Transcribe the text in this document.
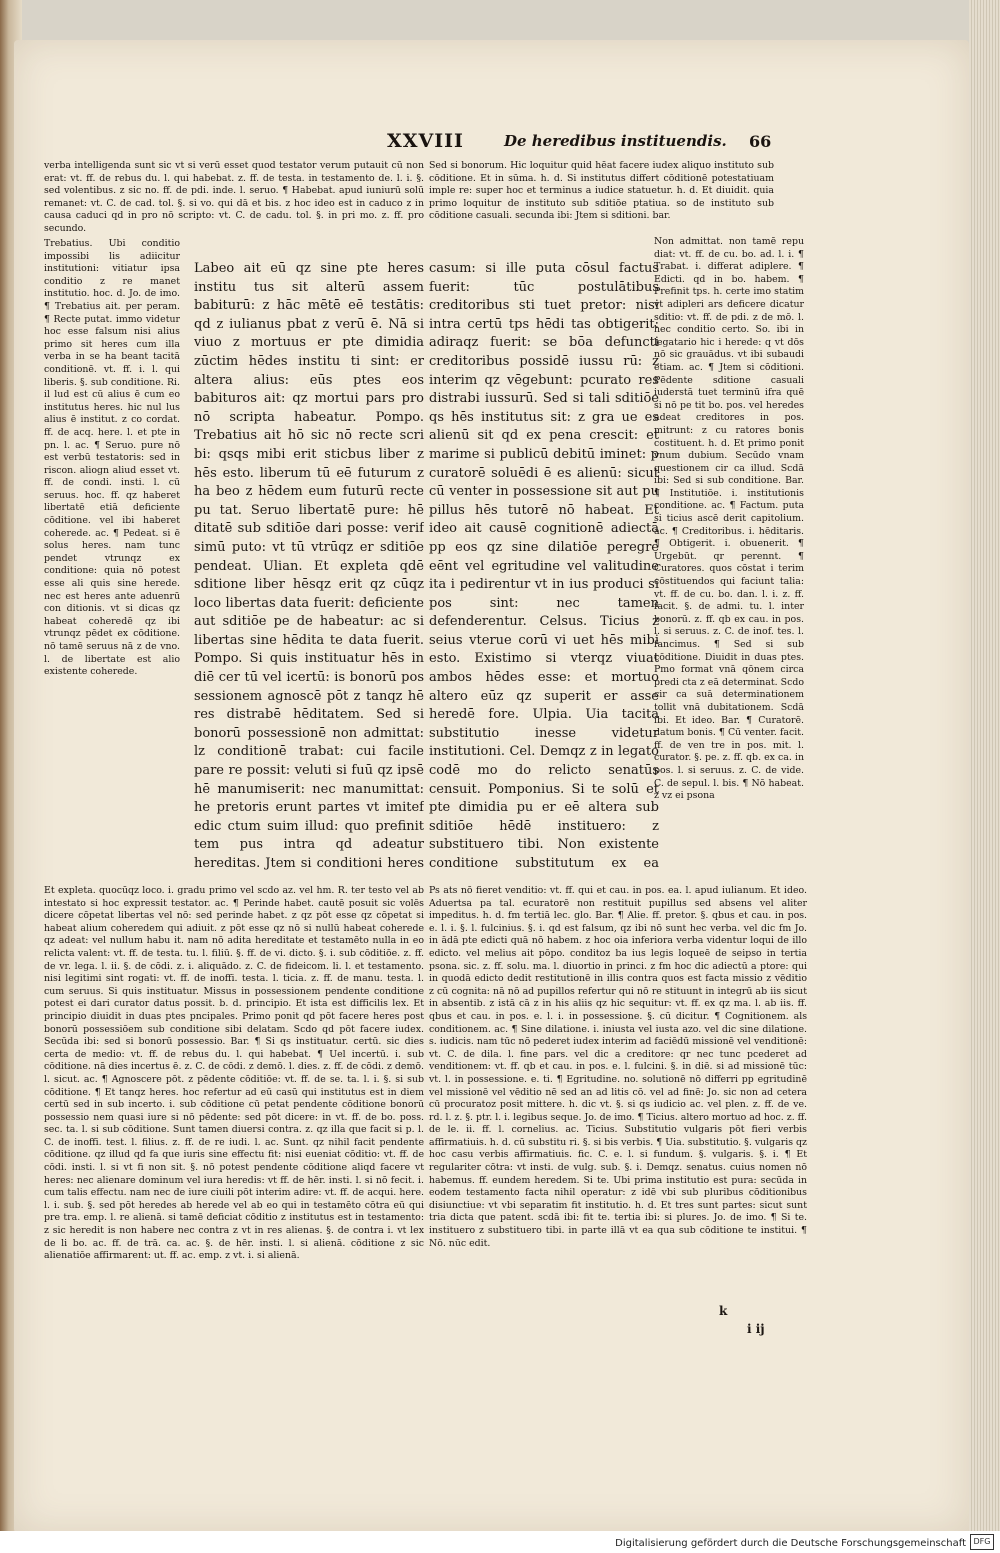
XXVIII	De heredibus instituendis. 66

verba intelligenda sunt sic vt si verū esset quod testator verum putauit cū non erat: vt. ff. de rebus du. l. qui habebat. z. ff. de testa. in testamento de. l. i. §. sed volentibus. z sic no. ff. de pdi. inde. l. seruo. ¶ Habebat. apud iuniurū solū remanet: vt. C. de cad. tol. §. si vo. qui dā et bis. z hoc ideo est in caduco z in causa caduci qd in pro nō scripto: vt. C. de cadu. tol. §. in pri mo. z. ff. pro secundo.

Trebatius. Ubi conditio impossibi lis adiicitur institutioni: vitiatur ipsa conditio z re manet institutio. hoc. d. Jo. de imo. ¶ Trebatius ait. per peram. ¶ Recte putat. immo videtur hoc esse falsum nisi alius primo sit heres cum illa verba in se ha beant tacitā conditionē. vt. ff. i. l. qui liberis. §. sub conditione. Ri. il lud est cū alius ē cum eo institutus heres. hic nul lus alius ē institut. z co cordat. ff. de acq. here. l. et pte in pn. l. ac. ¶ Seruo. pure nō est verbū testatoris: sed in riscon. aliogn aliud esset vt. ff. de condi. insti. l. cū seruus. hoc. ff. qz haberet libertatē etiā deficiente cōditione. vel ibi haberet coherede. ac. ¶ Pedeat. si ē solus heres. nam tunc pendet vtrunqz ex conditione: quia nō potest esse ali quis sine herede. nec est heres ante aduenrū con ditionis. vt si dicas qz habeat coheredē qz ibi vtrunqz pēdet ex cōditione. nō tamē seruus nā z de vno. l. de libertate est alio existente coherede.

Labeo ait eū qz sine pte heres institu tus sit alterū assem babiturū: z hāc mētē eē testātis: qd z iulianus pbat z verū ē. Nā si viuo z mortuus er pte dimidia zūctim hēdes institu ti sint: er altera alius: eūs ptes eos babituros ait: qz mortui pars pro nō scripta habeatur. Pompo. Trebatius ait hō sic nō recte scri bi: qsqs mibi erit sticbus liber z hēs esto. liberum tū eē futurum z ha beo z hēdem eum futurū recte pu tat. Seruo libertatē pure: hē ditatē sub sditiōe dari posse: verif simū puto: vt tū vtrūqz er sditiōe pendeat. Ulian. Et expleta qdē sditione liber hēsqz erit qz cūqz loco libertas data fuerit: deficiente aut sditiōe pe de habeatur: ac si libertas sine hēdita te data fuerit. Pompo. Si quis instituatur hēs in diē cer tū vel icertū: is bonorū pos sessionem agnoscē pōt z tanqz hē res distrabē hēditatem. Sed si bonorū possessionē non admittat: lz conditionē trabat: cui facile pare re possit: veluti si fuū qz ipsē hē manumiserit: nec manumittat: he pretoris erunt partes vt imitef edic ctum suim illud: quo prefinit tem pus intra qd adeatur hereditas. Jtem si conditioni heres

Sed si bonorum. Hic loquitur quid hēat facere iudex aliquo instituto sub cōditione. Et in sūma. h. d. Si institutus differt cōditionē potestatiuam imple re: super hoc et terminus a iudice statuetur. h. d. Et diuidit. quia primo loquitur de instituto sub sditiōe ptatiua. so de instituto sub cōditione casuali. secunda ibi: Jtem si sditioni. bar.

casum: si ille puta cōsul factus fuerit: tūc postulātibus creditoribus sti tuet pretor: nisi intra certū tps hēdi tas obtigerit: adiraqz fuerit: se bōa defuncti creditoribus possidē iussu rū: z interim qz vēgebunt: pcurato res distrabi iussurū. Sed si tali sditiōe qs hēs institutus sit: z gra ue es alienū sit qd ex pena crescit: et marime si publicū debitū iminet: p curatorē soluēdi ē es alienū: sicut cū venter in possessione sit aut pu pillus hēs tutorē nō habeat. Et ideo ait causē cognitionē adiectā pp eos qz sine dilatiōe peregre eēnt vel egritudine vel valitudine ita i pedirentur vt in ius produci si pos sint: nec tamen defenderentur. Celsus. Ticius z seius vterue corū vi uet hēs mibi esto. Existimo si vterqz viuat ambos hēdes esse: et mortuo altero eūz qz superit er asse heredē fore. Ulpia. Uia tacita substitutio inesse videtur institutioni. Cel. Demqz z in legato codē mo do relicto senatūs censuit. Pomponius. Si te solū et pte dimidia pu er eē altera sub sditiōe hēdē instituero: z substituero tibi. Non existente conditione substitutum ex ea

Non admittat. non tamē repu diat: vt. ff. de cu. bo. ad. l. i. ¶ Trabat. i. differat adiplere. ¶ Edicti. qd in bo. habem. ¶ Prefinit tps. h. certe imo statim vt adipleri ars deficere dicatur sditio: vt. ff. de pdi. z de mō. l. hec conditio certo. So. ibi in legatario hic i herede: q vt dōs nō sic grauādus. vt ibi subaudi etiam. ac. ¶ Jtem si cōditioni. Pēdente sditione casuali iuderstā tuet terminū ifra quē si nō pe tit bo. pos. vel heredes adeat creditores in pos. mitrunt: z cu ratores bonis costituent. h. d. Et primo ponit vnum dubium. Secūdo vnam questionem cir ca illud. Scdā ibi: Sed si sub conditione. Bar. ¶ Institutiōe. i. institutionis conditione. ac. ¶ Factum. puta si ticius ascē derit capitolium. ac. ¶ Creditoribus. i. hēditaris. ¶ Obtigerit. i. obuenerit. ¶ Urgebūt. qr perennt. ¶ Curatores. quos cōstat i terim cōstituendos qui faciunt talia: vt. ff. de cu. bo. dan. l. i. z. ff. facit. §. de admi. tu. l. inter bonorū. z. ff. qb ex cau. in pos. l. si seruus. z. C. de inof. tes. l. fancimus. ¶ Sed si sub cōditione. Diuidit in duas ptes. Pmo format vnā qōnem circa predi cta z eā determinat. Scdo cir ca suā determinationem tollit vnā dubitationem. Scdā ibi. Et ideo. Bar. ¶ Curatorē. datum bonis. ¶ Cū venter. facit. ff. de ven tre in pos. mit. l. curator. §. pe. z. ff. qb. ex ca. in pos. l. si seruus. z. C. de vide. C. de sepul. l. bis. ¶ Nō habeat. z vz ei psona

Et expleta. quocūqz loco. i. gradu primo vel scdo az. vel hm. R. ter testo vel ab intestato si hoc expressit testator. ac. ¶ Perinde habet. cautē posuit sic volēs dicere cōpetat libertas vel nō: sed perinde habet. z qz pōt esse qz cōpetat si habeat alium coheredem qui adiuit. z pōt esse qz nō si nullū habeat coherede qz adeat: vel nullum habu it. nam nō adita hereditate et testamēto nulla in eo relicta valent: vt. ff. de testa. tu. l. filiū. §. ff. de vi. dicto. §. i. sub cōditiōe. z. ff. de vr. lega. l. ii. §. de cōdi. z. i. aliquādo. z. C. de fideicom. li. l. et testamento. nisi legitimi sint rogati: vt. ff. de inoffi. testa. l. ticia. z. ff. de manu. testa. l. cum seruus. Si quis instituatur. Missus in possessionem pendente conditione potest ei dari curator datus possit. b. d. principio. Et ista est difficilis lex. Et principio diuidit in duas ptes pncipales. Primo ponit qd pōt facere heres post bonorū possessiōem sub conditione sibi delatam. Scdo qd pōt facere iudex. Secūda ibi: sed si bonorū possessio. Bar. ¶ Si qs instituatur. certū. sic dies certa de medio: vt. ff. de rebus du. l. qui habebat. ¶ Uel incertū. i. sub cōditione. nā dies incertus ē. z. C. de cōdi. z demō. l. dies. z. ff. de cōdi. z demō. l. sicut. ac. ¶ Agnoscere pōt. z pēdente cōditiōe: vt. ff. de se. ta. l. i. §. si sub cōditione. ¶ Et tanqz heres. hoc refertur ad eū casū qui institutus est in diem certū sed in sub incerto. i. sub cōditione cū petat pendente cōditione bonorū possessio nem quasi iure si nō pēdente: sed pōt dicere: in vt. ff. de bo. poss. sec. ta. l. si sub cōditione. Sunt tamen diuersi contra. z. qz illa que facit si p. l. C. de inoffi. test. l. filius. z. ff. de re iudi. l. ac. Sunt. qz nihil facit pendente cōditione. qz illud qd fa que iuris sine effectu fit: nisi eueniat cōditio: vt. ff. de cōdi. insti. l. si vt fi non sit. §. nō potest pendente cōditione aliqd facere vt heres: nec alienare dominum vel iura heredis: vt ff. de hēr. insti. l. si nō fecit. i. cum talis effectu. nam nec de iure ciuili pōt interim adire: vt. ff. de acqui. here. l. i. sub. §. sed pōt heredes ab herede vel ab eo qui in testamēto cōtra eū qui pre tra. emp. l. re alienā. si tamē deficiat cōditio z institutus est in testamento: z sic heredit is non habere nec contra z vt in res alienas. §. de contra i. vt lex de li bo. ac. ff. de trā. ca. ac. §. de hēr. insti. l. si alienā. cōditione z sic alienatiōe affirmarent: ut. ff. ac. emp. z vt. i. si alienā.

Ps ats nō fieret venditio: vt. ff. qui et cau. in pos. ea. l. apud iulianum. Et ideo. Aduertsa pa tal. ecuratorē non restituit pupillus sed absens vel aliter impeditus. h. d. fm tertiā lec. glo. Bar. ¶ Alie. ff. pretor. §. qbus et cau. in pos. e. l. i. §. l. fulcinius. §. i. qd est falsum, qz ibi nō sunt hec verba. vel dic fm Jo. in ādā pte edicti quā nō habem. z hoc oia inferiora verba videntur loqui de illo edicto. vel melius ait pōpo. conditoz ba ius legis loqueē de seipso in tertia psona. sic. z. ff. solu. ma. l. diuortio in princi. z fm hoc dic adiectū a ptore: qui in quodā edicto dedit restitutionē in illis contra quos est facta missio z vēditio z cū cognita: nā nō ad pupillos refertur qui nō re stituunt in integrū ab iis sicut in absentib. z istā cā z in his aliis qz hic sequitur: vt. ff. ex qz ma. l. ab iis. ff. qbus et cau. in pos. e. l. i. in possessione. §. cū dicitur. ¶ Cognitionem. als conditionem. ac. ¶ Sine dilatione. i. iniusta vel iusta azo. vel dic sine dilatione. s. iudicis. nam tūc nō pederet iudex interim ad faciēdū missionē vel venditionē: vt. C. de dila. l. fine pars. vel dic a creditore: qr nec tunc pcederet ad venditionem: vt. ff. qb et cau. in pos. e. l. fulcini. §. in diē. si ad missionē tūc: vt. l. in possessione. e. ti. ¶ Egritudine. no. solutionē nō differri pp egritudinē vel missionē vel vēditio nē sed an ad litis cō. vel ad finē: Jo. sic non ad cetera cū procuratoz posit mittere. h. dic vt. §. si qs iudicio ac. vel plen. z. ff. de ve. rd. l. z. §. ptr. l. i. legibus seque. Jo. de imo. ¶ Ticius. altero mortuo ad hoc. z. ff. de le. ii. ff. l. cornelius. ac. Ticius. Substitutio vulgaris pōt fieri verbis affirmatiuis. h. d. cū substitu ri. §. si bis verbis. ¶ Uia. substitutio. §. vulgaris qz hoc casu verbis affirmatiuis. fic. C. e. l. si fundum. §. vulgaris. §. i. ¶ Et regulariter cōtra: vt insti. de vulg. sub. §. i. Demqz. senatus. cuius nomen nō habemus. ff. eundem heredem. Si te. Ubi prima institutio est pura: secūda in eodem testamento facta nihil operatur: z idē vbi sub pluribus cōditionibus disiunctiue: vt vbi separatim fit institutio. h. d. Et tres sunt partes: sicut sunt tria dicta que patent. scdā ibi: fit te. tertia ibi: si plures. Jo. de imo. ¶ Si te. instituero z substituero tibi. in parte illā vt ea qua sub cōditione te institui. ¶ Nō. nūc edit.

k
i ij
Digitalisierung gefördert durch die Deutsche Forschungsgemeinschaft DFG
